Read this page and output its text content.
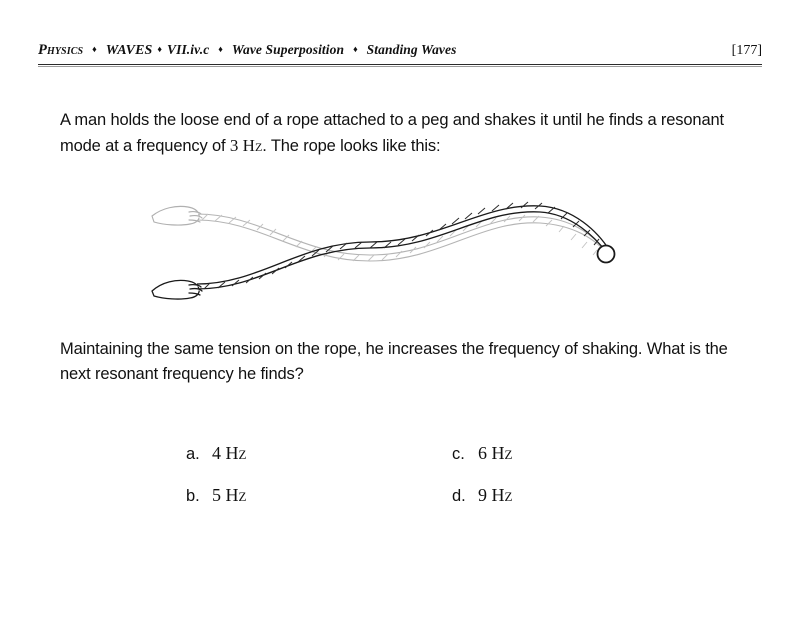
Physics	♦ WAVES ♦ VII.iv.c	♦ Wave Superposition	♦ Standing Waves	[177]
A man holds the loose end of a rope attached to a peg and shakes it until he finds a resonant mode at a frequency of 3 Hz. The rope looks like this:
Maintaining the same tension on the rope, he increases the frequency of shaking. What is the next resonant frequency he finds?
a. 4 Hz	c. 6 Hz
b. 5 Hz	d. 9 Hz
